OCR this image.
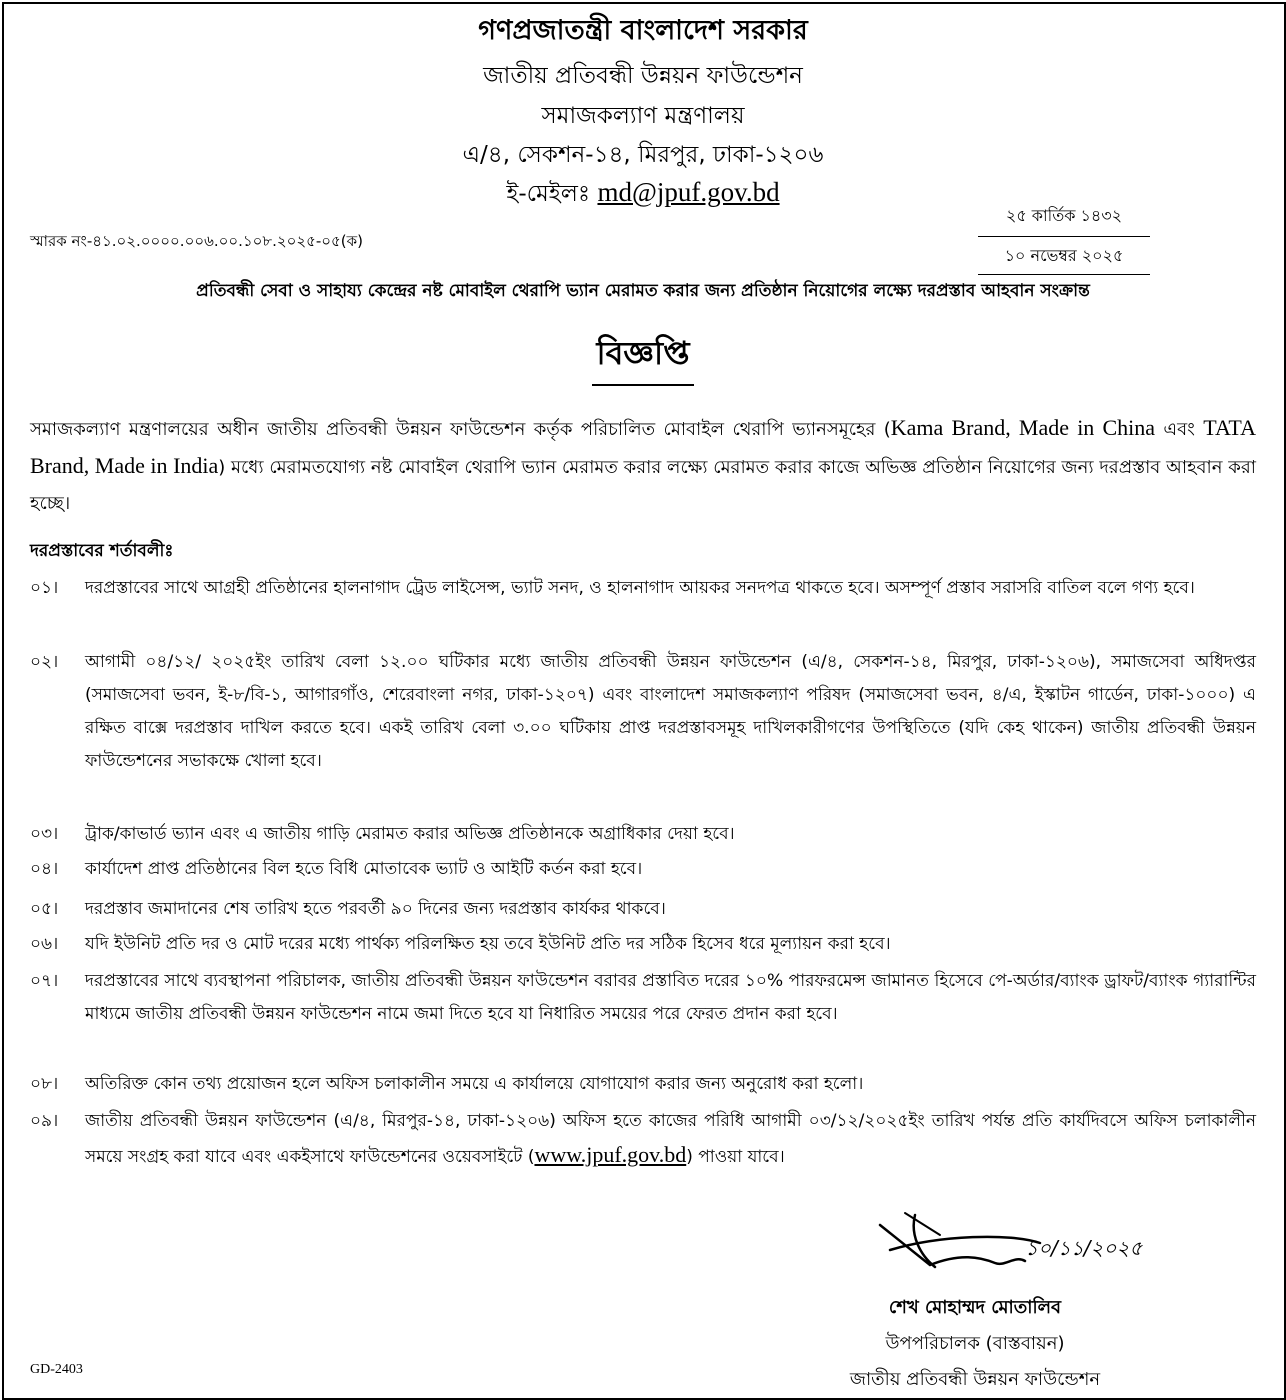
গণপ্রজাতন্ত্রী বাংলাদেশ সরকার
জাতীয় প্রতিবন্ধী উন্নয়ন ফাউন্ডেশন
সমাজকল্যাণ মন্ত্রণালয়
এ/৪, সেকশন-১৪, মিরপুর, ঢাকা-১২০৬
ই-মেইলঃ md@jpuf.gov.bd
স্মারক নং-৪১.০২.০০০০.০০৬.০০.১০৮.২০২৫-০৫(ক)
২৫ কার্তিক ১৪৩২
১০ নভেম্বর ২০২৫
প্রতিবন্ধী সেবা ও সাহায্য কেন্দ্রের নষ্ট মোবাইল থেরাপি ভ্যান মেরামত করার জন্য প্রতিষ্ঠান নিয়োগের লক্ষ্যে দরপ্রস্তাব আহবান সংক্রান্ত
বিজ্ঞপ্তি
সমাজকল্যাণ মন্ত্রণালয়ের অধীন জাতীয় প্রতিবন্ধী উন্নয়ন ফাউন্ডেশন কর্তৃক পরিচালিত মোবাইল থেরাপি ভ্যানসমূহের (Kama Brand, Made in China এবং TATA Brand, Made in India) মধ্যে মেরামতযোগ্য নষ্ট মোবাইল থেরাপি ভ্যান মেরামত করার লক্ষ্যে মেরামত করার কাজে অভিজ্ঞ প্রতিষ্ঠান নিয়োগের জন্য দরপ্রস্তাব আহবান করা হচ্ছে।
দরপ্রস্তাবের শর্তাবলীঃ
০১।	দরপ্রস্তাবের সাথে আগ্রহী প্রতিষ্ঠানের হালনাগাদ ট্রেড লাইসেন্স, ভ্যাট সনদ, ও হালনাগাদ আয়কর সনদপত্র থাকতে হবে। অসম্পূর্ণ প্রস্তাব সরাসরি বাতিল বলে গণ্য হবে।
০২।	আগামী ০৪/১২/ ২০২৫ইং তারিখ বেলা ১২.০০ ঘটিকার মধ্যে জাতীয় প্রতিবন্ধী উন্নয়ন ফাউন্ডেশন (এ/৪, সেকশন-১৪, মিরপুর, ঢাকা-১২০৬), সমাজসেবা অধিদপ্তর (সমাজসেবা ভবন, ই-৮/বি-১, আগারগাঁও, শেরেবাংলা নগর, ঢাকা-১২০৭) এবং বাংলাদেশ সমাজকল্যাণ পরিষদ (সমাজসেবা ভবন, ৪/এ, ইস্কাটন গার্ডেন, ঢাকা-১০০০) এ রক্ষিত বাক্সে দরপ্রস্তাব দাখিল করতে হবে। একই তারিখ বেলা ৩.০০ ঘটিকায় প্রাপ্ত দরপ্রস্তাবসমূহ দাখিলকারীগণের উপস্থিতিতে (যদি কেহ থাকেন) জাতীয় প্রতিবন্ধী উন্নয়ন ফাউন্ডেশনের সভাকক্ষে খোলা হবে।
০৩।	ট্রাক/কাভার্ড ভ্যান এবং এ জাতীয় গাড়ি মেরামত করার অভিজ্ঞ প্রতিষ্ঠানকে অগ্রাধিকার দেয়া হবে।
০৪।	কার্যাদেশ প্রাপ্ত প্রতিষ্ঠানের বিল হতে বিধি মোতাবেক ভ্যাট ও আইটি কর্তন করা হবে।
০৫।	দরপ্রস্তাব জমাদানের শেষ তারিখ হতে পরবর্তী ৯০ দিনের জন্য দরপ্রস্তাব কার্যকর থাকবে।
০৬।	যদি ইউনিট প্রতি দর ও মোট দরের মধ্যে পার্থক্য পরিলক্ষিত হয় তবে ইউনিট প্রতি দর সঠিক হিসেব ধরে মূল্যায়ন করা হবে।
০৭।	দরপ্রস্তাবের সাথে ব্যবস্থাপনা পরিচালক, জাতীয় প্রতিবন্ধী উন্নয়ন ফাউন্ডেশন বরাবর প্রস্তাবিত দরের ১০% পারফরমেন্স জামানত হিসেবে পে-অর্ডার/ব্যাংক ড্রাফট/ব্যাংক গ্যারান্টির মাধ্যমে জাতীয় প্রতিবন্ধী উন্নয়ন ফাউন্ডেশন নামে জমা দিতে হবে যা নিধারিত সময়ের পরে ফেরত প্রদান করা হবে।
০৮।	অতিরিক্ত কোন তথ্য প্রয়োজন হলে অফিস চলাকালীন সময়ে এ কার্যালয়ে যোগাযোগ করার জন্য অনুরোধ করা হলো।
০৯।	জাতীয় প্রতিবন্ধী উন্নয়ন ফাউন্ডেশন (এ/৪, মিরপুর-১৪, ঢাকা-১২০৬) অফিস হতে কাজের পরিধি আগামী ০৩/১২/২০২৫ইং তারিখ পর্যন্ত প্রতি কার্যদিবসে অফিস চলাকালীন সময়ে সংগ্রহ করা যাবে এবং একইসাথে ফাউন্ডেশনের ওয়েবসাইটে (www.jpuf.gov.bd) পাওয়া যাবে।
১০/১১/২০২৫
শেখ মোহাম্মদ মোতালিব
উপপরিচালক (বাস্তবায়ন)
জাতীয় প্রতিবন্ধী উন্নয়ন ফাউন্ডেশন
GD-2403
